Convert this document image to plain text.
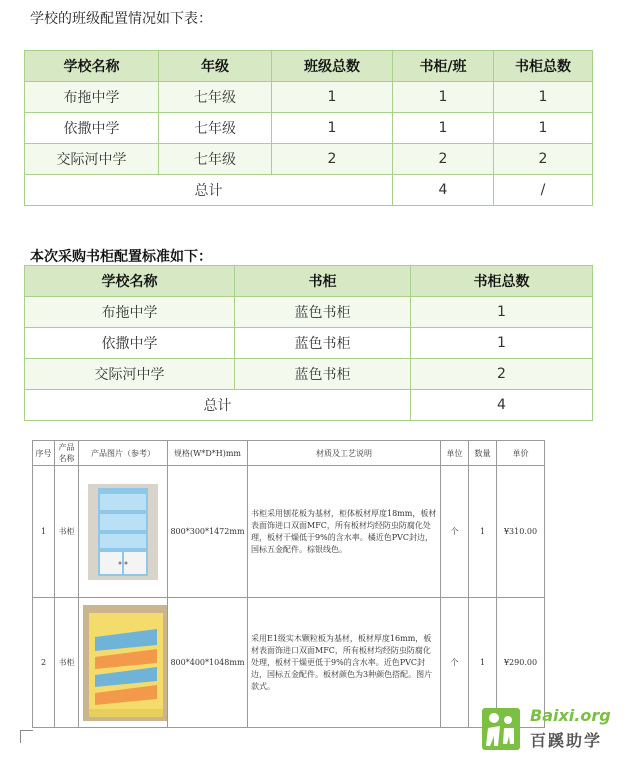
学校的班级配置情况如下表：
学校名称	年级	班级总数	书柜/班	书柜总数	
布拖中学	七年级	1	1	1	
依撒中学	七年级	1	1	1	
交际河中学	七年级	2	2	2	
总计			4	/	
本次采购书柜配置标准如下：
学校名称	书柜	书柜总数
布拖中学	蓝色书柜	1
依撒中学	蓝色书柜	1
交际河中学	蓝色书柜	2
总计		4
序号	产品名称	产品图片（参考）	规格(W*D*H)mm	材质及工艺说明	单位	数量	单价
1	书柜		800*300*1472mm	书柜采用刨花板为基材，柜体板材厚度18mm，板材表面饰进口双面MFC，所有板材均经防虫防腐化处理，板材干燥低于9%的含水率。橘近色PVC封边，国标五金配件。棕银线色。	个	1	¥310.00
2	书柜		800*400*1048mm	采用E1级实木颗粒板为基材，板材厚度16mm，板材表面饰进口双面MFC，所有板材均经防虫防腐化处理，板材干燥更低于9%的含水率。近色PVC封边，国标五金配件。板材颜色为3种颜色搭配。图片款式。	个	1	¥290.00
Baixi.org
百蹊助学
